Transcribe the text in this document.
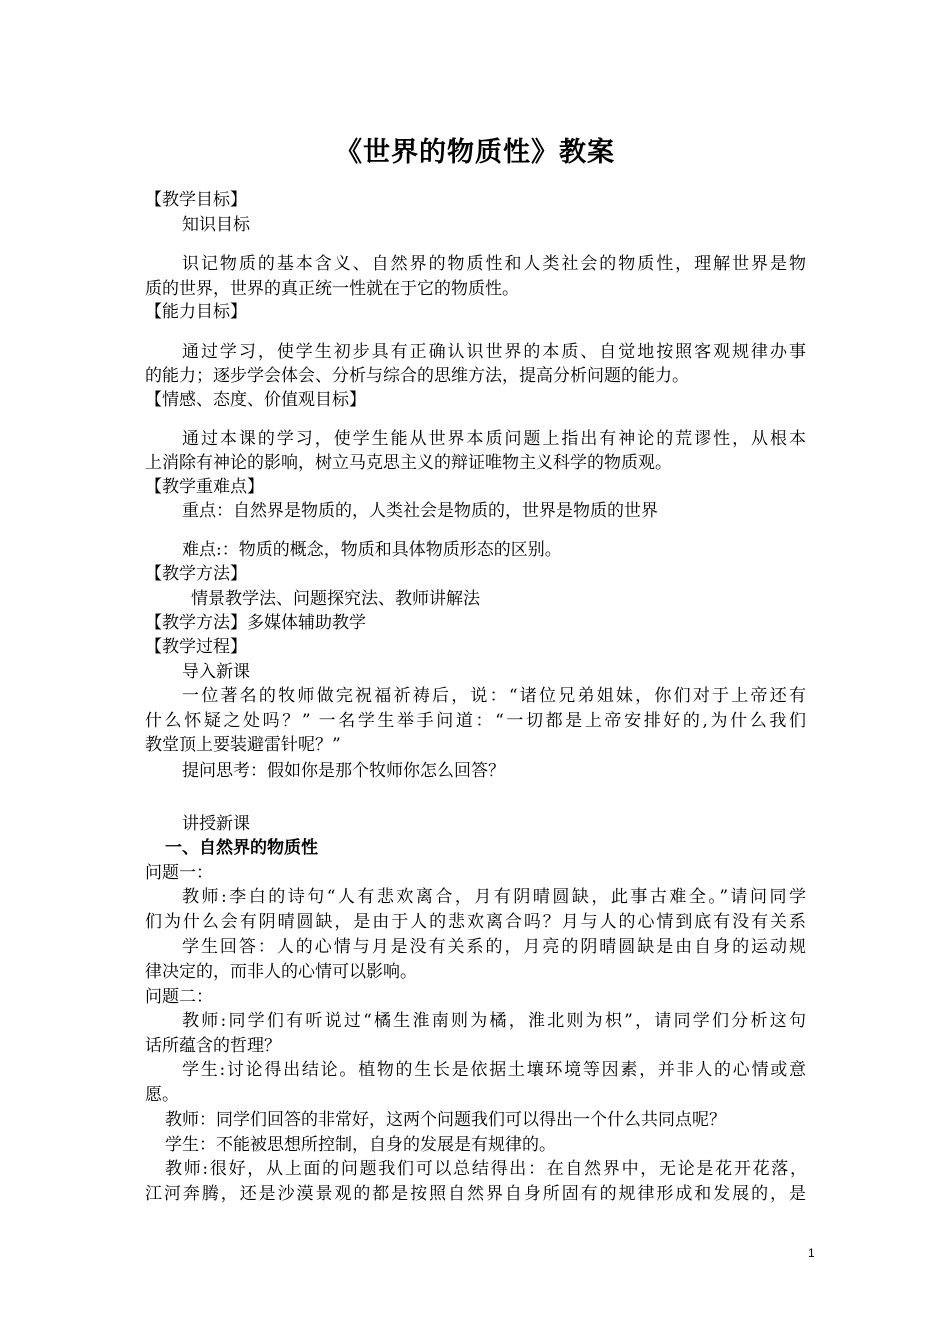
《世界的物质性》教案
【教学目标】
知识目标
识记物质的基本含义、自然界的物质性和人类社会的物质性，理解世界是物
质的世界，世界的真正统一性就在于它的物质性。
【能力目标】
通过学习，使学生初步具有正确认识世界的本质、自觉地按照客观规律办事
的能力；逐步学会体会、分析与综合的思维方法，提高分析问题的能力。
【情感、态度、价值观目标】
通过本课的学习，使学生能从世界本质问题上指出有神论的荒谬性，从根本
上消除有神论的影响，树立马克思主义的辩证唯物主义科学的物质观。
【教学重难点】
重点：自然界是物质的，人类社会是物质的，世界是物质的世界
难点:：物质的概念，物质和具体物质形态的区别。
【教学方法】
情景教学法、问题探究法、教师讲解法
【教学方法】多媒体辅助教学
【教学过程】
导入新课
一位著名的牧师做完祝福祈祷后，说：“诸位兄弟姐妹，你们对于上帝还有
什么怀疑之处吗？” 一名学生举手问道：“一切都是上帝安排好的,为什么我们
教堂顶上要装避雷针呢？”
提问思考：假如你是那个牧师你怎么回答？
讲授新课
一、自然界的物质性
问题一：
教师:李白的诗句“人有悲欢离合，月有阴晴圆缺，此事古难全。”请问同学
们为什么会有阴晴圆缺，是由于人的悲欢离合吗？月与人的心情到底有没有关系
学生回答：人的心情与月是没有关系的，月亮的阴晴圆缺是由自身的运动规
律决定的，而非人的心情可以影响。
问题二：
教师:同学们有听说过“橘生淮南则为橘，淮北则为枳”，请同学们分析这句
话所蕴含的哲理？
学生:讨论得出结论。植物的生长是依据土壤环境等因素，并非人的心情或意
愿。
教师：同学们回答的非常好，这两个问题我们可以得出一个什么共同点呢？
学生：不能被思想所控制，自身的发展是有规律的。
教师:很好，从上面的问题我们可以总结得出：在自然界中，无论是花开花落，
江河奔腾，还是沙漠景观的都是按照自然界自身所固有的规律形成和发展的，是
1
